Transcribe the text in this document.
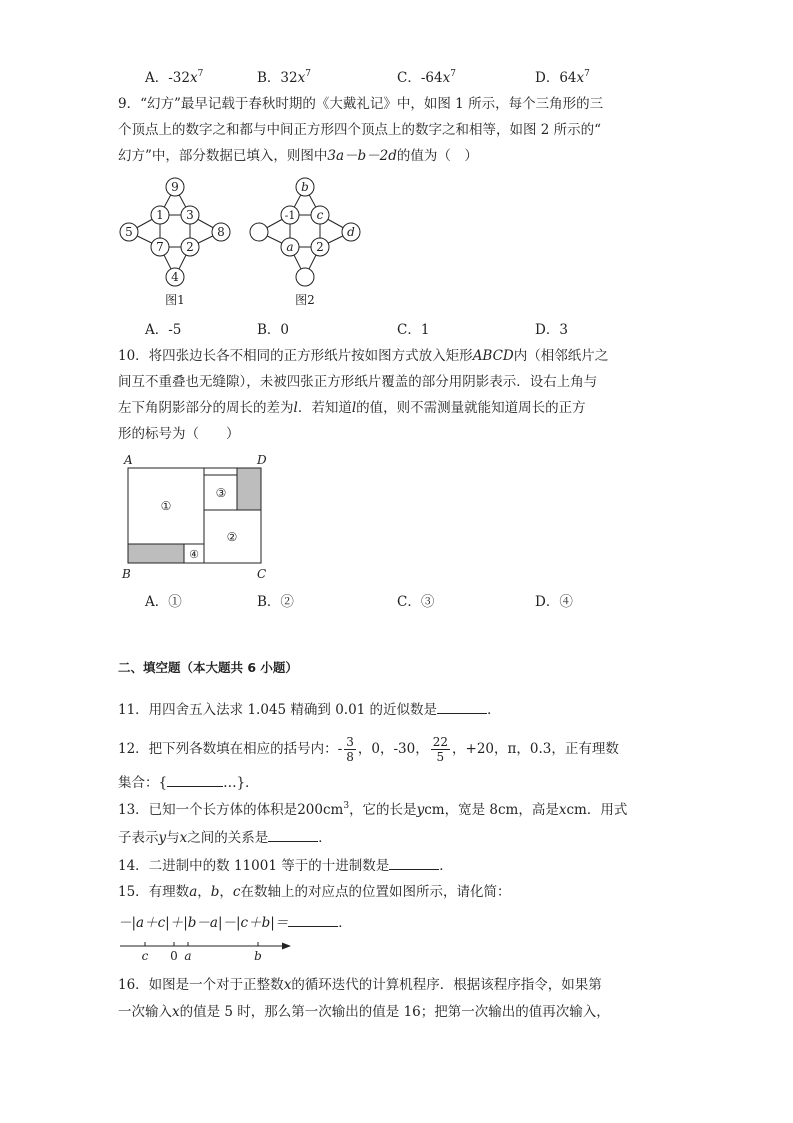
A．$-32x^7$	B．$32x^7$	C．$-64x^7$	D．$64x^7$
9．“幻方”最早记载于春秋时期的《大戴礼记》中，如图 1 所示，每个三角形的三
个顶点上的数字之和都与中间正方形四个顶点上的数字之和相等，如图 2 所示的“
幻方”中，部分数据已填入，则图中3a－b－2d的值为（　）
9
5	8
4
1 3
7 2
图1
b
d
-1 c
a 2
图2
A．-5	B．0	C．1	D．3
10．将四张边长各不相同的正方形纸片按如图方式放入矩形ABCD内（相邻纸片之
间互不重叠也无缝隙），未被四张正方形纸片覆盖的部分用阴影表示．设右上角与
左下角阴影部分的周长的差为l．若知道l的值，则不需测量就能知道周长的正方
形的标号为（　　）
A	D
B	C
①
②
③
④
A．①	B．②	C．③	D．④
二、填空题（本大题共 6 小题）
11．用四舍五入法求 1.045 精确到 0.01 的近似数是	．
12．把下列各数填在相应的括号内：- $\frac{3}{8}$ ，0，-30， $\frac{22}{5}$ ，+20，π，0.3，正有理数
集合：{	…}．
13．已知一个长方体的体积是$200cm^3$，它的长是ycm，宽是 8cm，高是xcm．用式
子表示y与x之间的关系是	．
14．二进制中的数 11001 等于的十进制数是	．
15．有理数a，b，c在数轴上的对应点的位置如图所示，请化简：
－|a＋c|＋|b－a|－|c＋b|＝	．
c 0 a	b
16．如图是一个对于正整数x的循环迭代的计算机程序．根据该程序指令，如果第
一次输入x的值是 5 时，那么第一次输出的值是 16；把第一次输出的值再次输入，
